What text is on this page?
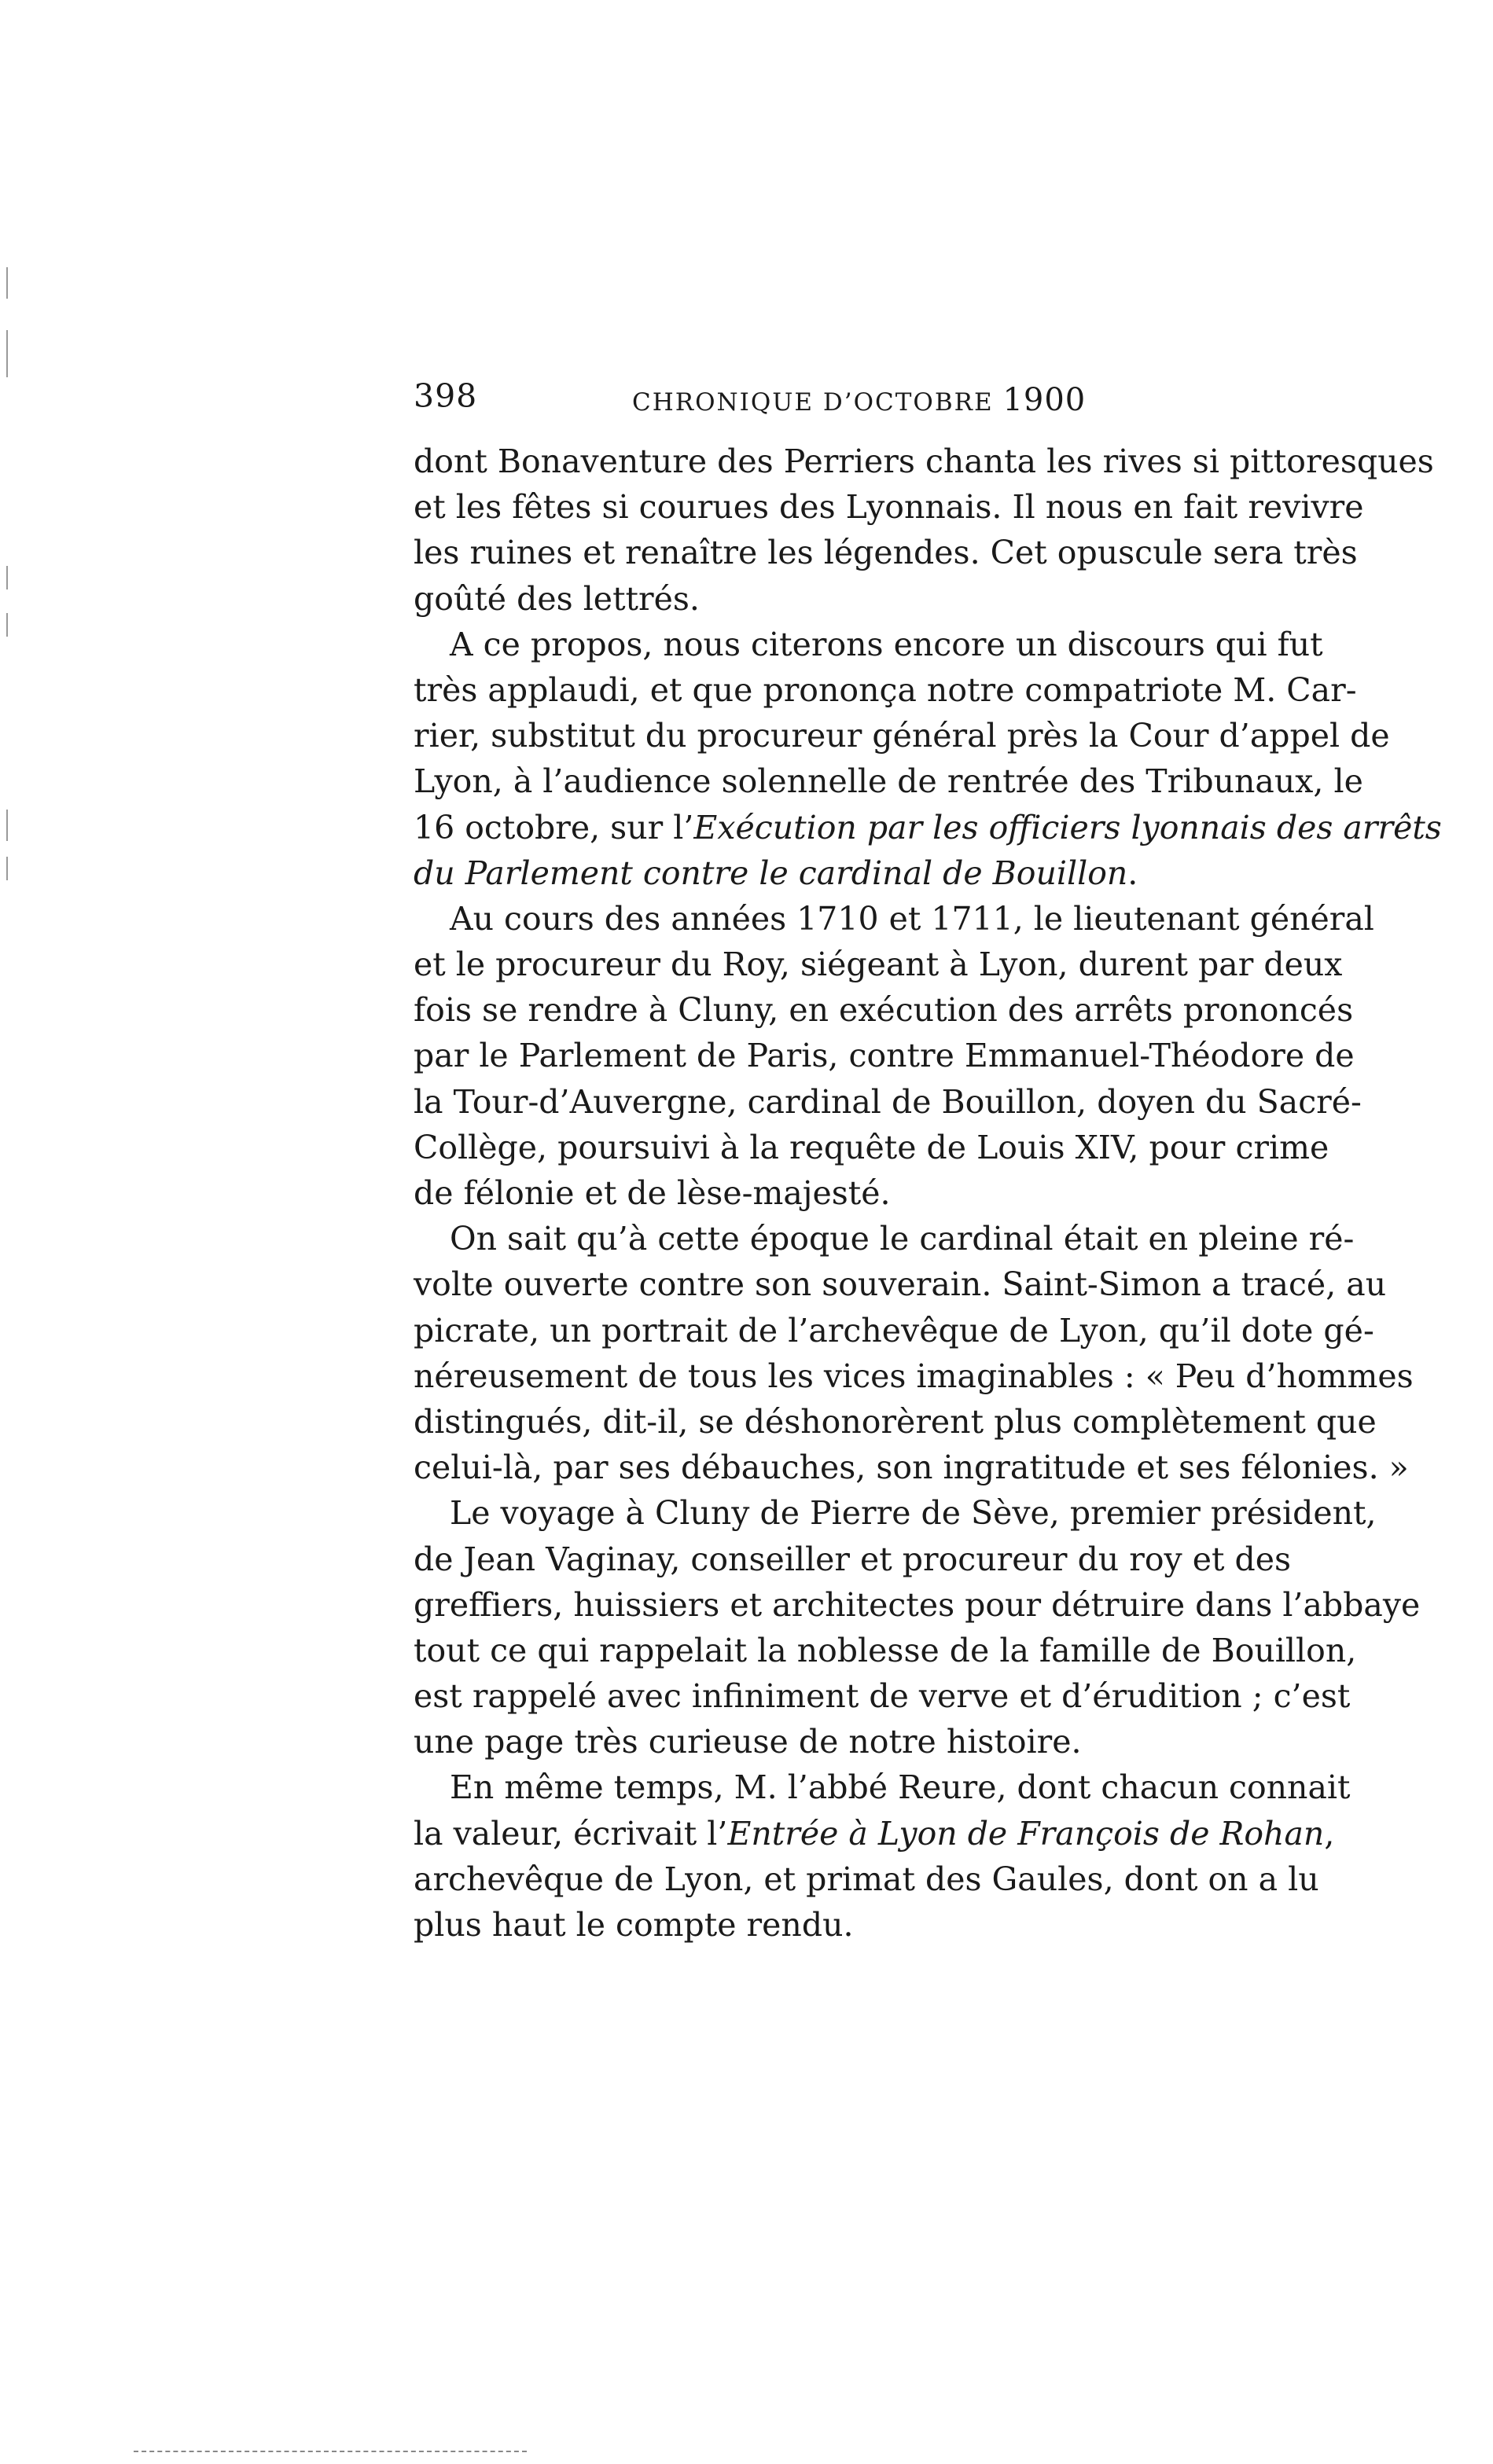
398	CHRONIQUE D’OCTOBRE 1900
dont Bonaventure des Perriers chanta les rives si pittoresques
et les fêtes si courues des Lyonnais. Il nous en fait revivre
les ruines et renaître les légendes. Cet opuscule sera très
goûté des lettrés.
A ce propos, nous citerons encore un discours qui fut
très applaudi, et que prononça notre compatriote M. Car-
rier, substitut du procureur général près la Cour d’appel de
Lyon, à l’audience solennelle de rentrée des Tribunaux, le
16 octobre, sur l’Exécution par les officiers lyonnais des arrêts
du Parlement contre le cardinal de Bouillon.
Au cours des années 1710 et 1711, le lieutenant général
et le procureur du Roy, siégeant à Lyon, durent par deux
fois se rendre à Cluny, en exécution des arrêts prononcés
par le Parlement de Paris, contre Emmanuel-Théodore de
la Tour-d’Auvergne, cardinal de Bouillon, doyen du Sacré-
Collège, poursuivi à la requête de Louis XIV, pour crime
de félonie et de lèse-majesté.
On sait qu’à cette époque le cardinal était en pleine ré-
volte ouverte contre son souverain. Saint-Simon a tracé, au
picrate, un portrait de l’archevêque de Lyon, qu’il dote gé-
néreusement de tous les vices imaginables : « Peu d’hommes
distingués, dit-il, se déshonorèrent plus complètement que
celui-là, par ses débauches, son ingratitude et ses félonies. »
Le voyage à Cluny de Pierre de Sève, premier président,
de Jean Vaginay, conseiller et procureur du roy et des
greffiers, huissiers et architectes pour détruire dans l’abbaye
tout ce qui rappelait la noblesse de la famille de Bouillon,
est rappelé avec infiniment de verve et d’érudition ; c’est
une page très curieuse de notre histoire.
En même temps, M. l’abbé Reure, dont chacun connait
la valeur, écrivait l’Entrée à Lyon de François de Rohan,
archevêque de Lyon, et primat des Gaules, dont on a lu
plus haut le compte rendu.
